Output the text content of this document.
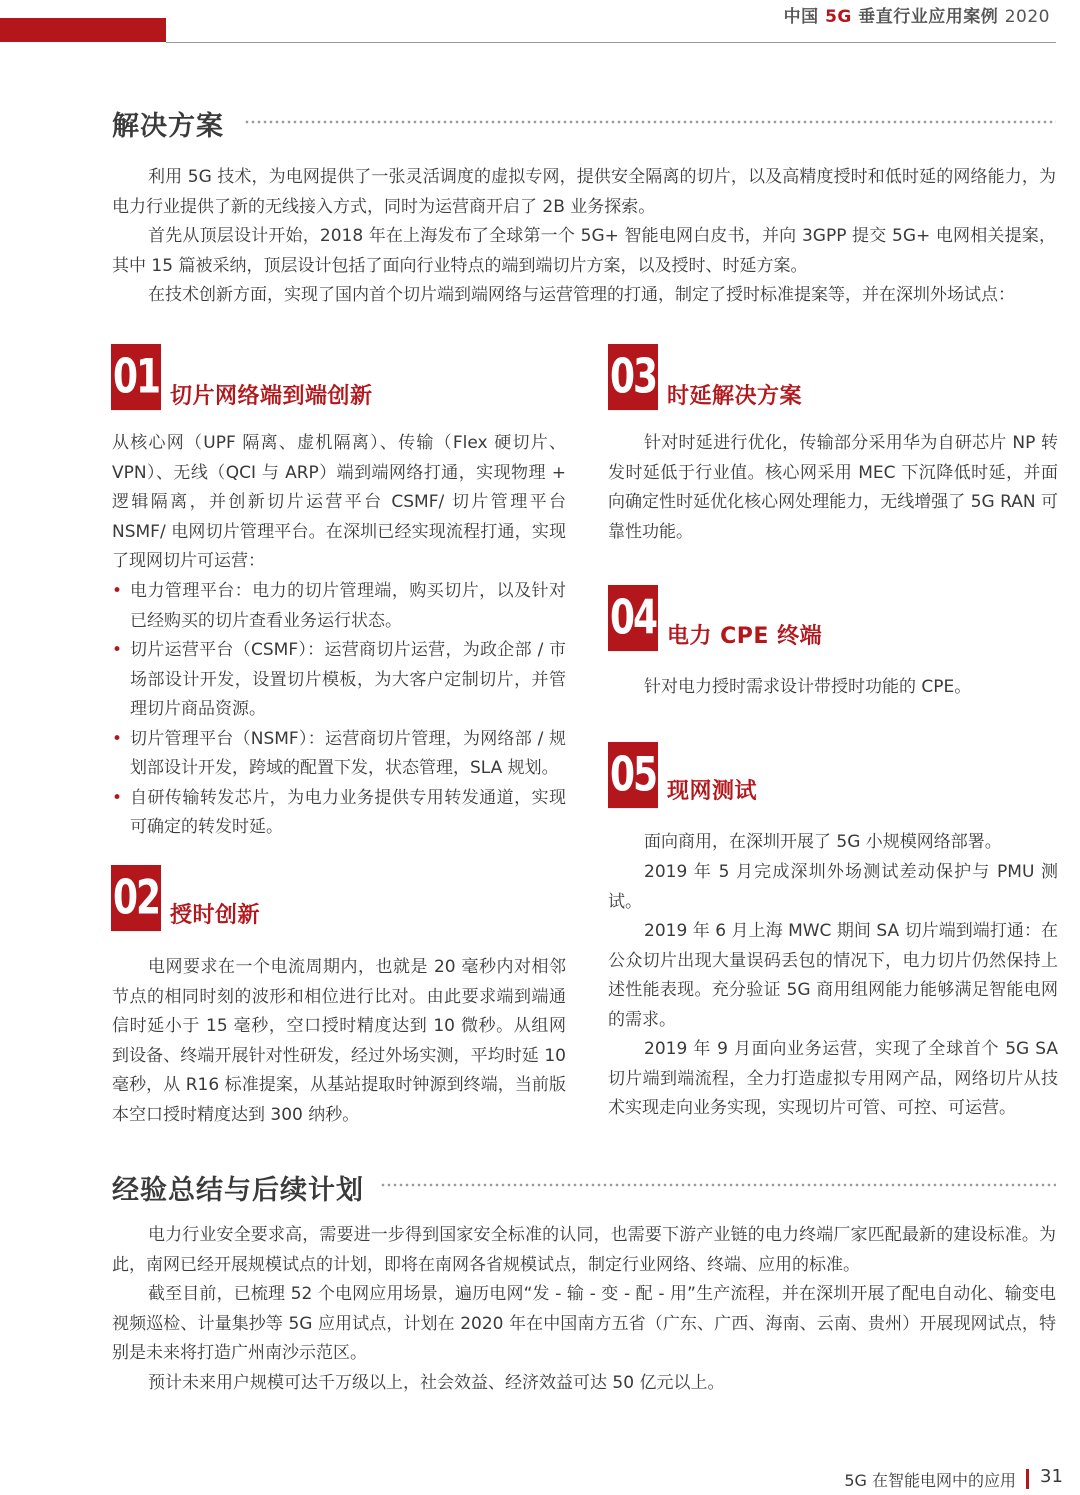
中国 5G 垂直行业应用案例 2020
解决方案

利用 5G 技术，为电网提供了一张灵活调度的虚拟专网，提供安全隔离的切片，以及高精度授时和低时延的网络能力，为电力行业提供了新的无线接入方式，同时为运营商开启了 2B 业务探索。

首先从顶层设计开始，2018 年在上海发布了全球第一个 5G+ 智能电网白皮书，并向 3GPP 提交 5G+ 电网相关提案，其中 15 篇被采纳，顶层设计包括了面向行业特点的端到端切片方案，以及授时、时延方案。

在技术创新方面，实现了国内首个切片端到端网络与运营管理的打通，制定了授时标准提案等，并在深圳外场试点：

01 切片网络端到端创新

从核心网（UPF 隔离、虚机隔离）、传输（Flex 硬切片、VPN）、无线（QCI 与 ARP）端到端网络打通，实现物理 + 逻辑隔离，并创新切片运营平台 CSMF/ 切片管理平台 NSMF/ 电网切片管理平台。在深圳已经实现流程打通，实现了现网切片可运营：

• 电力管理平台：电力的切片管理端，购买切片，以及针对已经购买的切片查看业务运行状态。
• 切片运营平台（CSMF）：运营商切片运营，为政企部 / 市场部设计开发，设置切片模板，为大客户定制切片，并管理切片商品资源。
• 切片管理平台（NSMF）：运营商切片管理，为网络部 / 规划部设计开发，跨域的配置下发，状态管理，SLA 规划。
• 自研传输转发芯片，为电力业务提供专用转发通道，实现可确定的转发时延。
02 授时创新

电网要求在一个电流周期内，也就是 20 毫秒内对相邻节点的相同时刻的波形和相位进行比对。由此要求端到端通信时延小于 15 毫秒，空口授时精度达到 10 微秒。从组网到设备、终端开展针对性研发，经过外场实测，平均时延 10 毫秒，从 R16 标准提案，从基站提取时钟源到终端，当前版本空口授时精度达到 300 纳秒。

03 时延解决方案

针对时延进行优化，传输部分采用华为自研芯片 NP 转发时延低于行业值。核心网采用 MEC 下沉降低时延，并面向确定性时延优化核心网处理能力，无线增强了 5G RAN 可靠性功能。

04 电力 CPE 终端

针对电力授时需求设计带授时功能的 CPE。

05 现网测试

面向商用，在深圳开展了 5G 小规模网络部署。

2019 年 5 月完成深圳外场测试差动保护与 PMU 测试。

2019 年 6 月上海 MWC 期间 SA 切片端到端打通：在公众切片出现大量误码丢包的情况下，电力切片仍然保持上述性能表现。充分验证 5G 商用组网能力能够满足智能电网的需求。

2019 年 9 月面向业务运营，实现了全球首个 5G SA 切片端到端流程，全力打造虚拟专用网产品，网络切片从技术实现走向业务实现，实现切片可管、可控、可运营。

经验总结与后续计划

电力行业安全要求高，需要进一步得到国家安全标准的认同，也需要下游产业链的电力终端厂家匹配最新的建设标准。为此，南网已经开展规模试点的计划，即将在南网各省规模试点，制定行业网络、终端、应用的标准。

截至目前，已梳理 52 个电网应用场景，遍历电网“发 - 输 - 变 - 配 - 用”生产流程，并在深圳开展了配电自动化、输变电视频巡检、计量集抄等 5G 应用试点，计划在 2020 年在中国南方五省（广东、广西、海南、云南、贵州）开展现网试点，特别是未来将打造广州南沙示范区。

预计未来用户规模可达千万级以上，社会效益、经济效益可达 50 亿元以上。

5G 在智能电网中的应用 31
